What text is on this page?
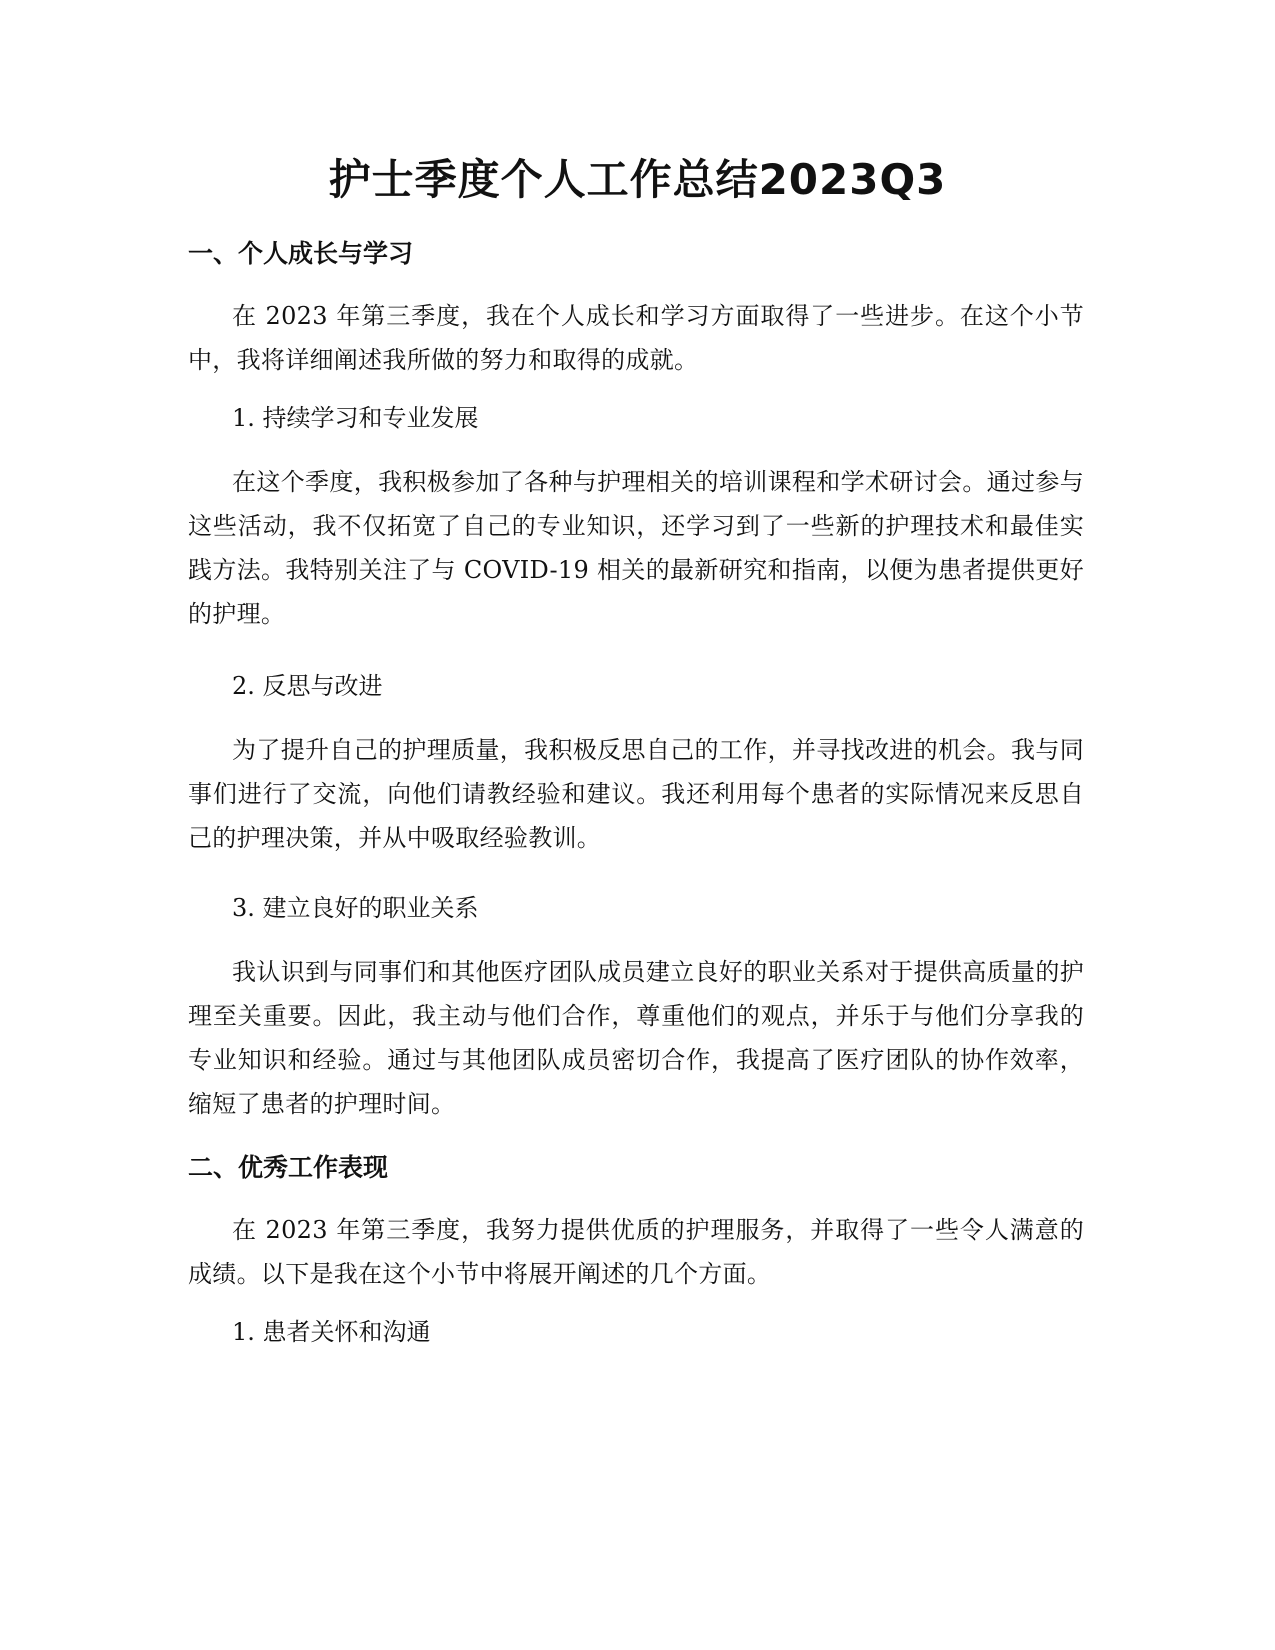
护士季度个人工作总结2023Q3
一、个人成长与学习

在 2023 年第三季度，我在个人成长和学习方面取得了一些进步。在这个小节中，我将详细阐述我所做的努力和取得的成就。

1. 持续学习和专业发展

在这个季度，我积极参加了各种与护理相关的培训课程和学术研讨会。通过参与这些活动，我不仅拓宽了自己的专业知识，还学习到了一些新的护理技术和最佳实践方法。我特别关注了与 COVID-19 相关的最新研究和指南，以便为患者提供更好的护理。

2. 反思与改进

为了提升自己的护理质量，我积极反思自己的工作，并寻找改进的机会。我与同事们进行了交流，向他们请教经验和建议。我还利用每个患者的实际情况来反思自己的护理决策，并从中吸取经验教训。

3. 建立良好的职业关系

我认识到与同事们和其他医疗团队成员建立良好的职业关系对于提供高质量的护理至关重要。因此，我主动与他们合作，尊重他们的观点，并乐于与他们分享我的专业知识和经验。通过与其他团队成员密切合作，我提高了医疗团队的协作效率，缩短了患者的护理时间。

二、优秀工作表现

在 2023 年第三季度，我努力提供优质的护理服务，并取得了一些令人满意的成绩。以下是我在这个小节中将展开阐述的几个方面。

1. 患者关怀和沟通
